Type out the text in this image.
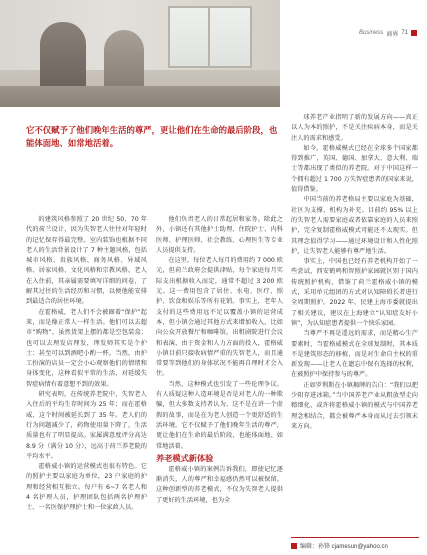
Business 商界 71
它不仅赋予了他们晚年生活的尊严，更让他们在生命的最后阶段，也能体面地、如常地活着。

的建筑风格参照了 20 世纪 50、70 年代的荷兰设计，因为失智老人往往对年轻时的记忆保存得最完整。室内装饰也根据不同老人的生活背景设计了 7 种主题风格，包括城市风格、贵族风格、商务风格、异域风格、居家风格、文化风格和宗教风格。老人在入住前，其亲属需要填写详细的问卷，了解其过往的生活经历和习惯，以便他能安排到最适合的居住环境。

在霍格威，老人们不会被圈着“保护”起来，而是像正常人一样生活。他们可以去超市“购物”，虽然货架上摆的都是空包装盒；也可以去理发店理发，理发师其实是个护士；甚至可以到酒吧小酌一杯。当然，由护工扮演的店员一定会小心观察他们的情绪和身体变化，这种看似平常的生活，对延缓失智症病情有着意想不到的效果。

研究表明，在传统养老院中，失智老人入住后的平均生存时间为 25 年；而在霍格威，这个时间被延长到了 35 年。老人们的行为问题减少了，药物使用量下降了，生活质量也有了明显提高。家属满意度评分高达 8.9 分（满分 10 分），远高于荷兰养老院的平均水平。

霍格威小镇的运营模式也很有特色。它的照护主要以家庭为单位，23 户家庭的护理和经营相互独立。每户有 6~7 名老人和 4 名护理人员，护理团队包括两名护理护士、一名医保护理护士和一位家政人员。

他们负责老人的日常起居和家务。除此之外，小镇还有其他护士助理、住院护士、内科医师、护理医师、社会教练、心理医生等专业人员提供支持。

在这里，每位老人每月的费用约 7 000 欧元，但荷兰政府会提供津贴，每个家庭每月实际支出根据收入而定，通常不超过 3 200 欧元。这一费用包含了居住、水电、医疗、照护、饮食和娱乐等所有花销。事实上，老年人支付的这些费用远不足以覆盖小镇的运营成本，但小镇会通过其他方式来增加收入，比如向公众开放餐厅和咖啡馆，出租剧院进行会议和表演，由于资金和人力方面的投入，霍格威小镇目前只接收病情严重的失智老人，而且通常要等到他们的身体状况不能再自理时才会入住。

当然，这种模式也引发了一些伦理争议。有人质疑这种人造环境是否是对老人的一种欺骗，但大多数支持者认为，这不是在讲一个虚假的故事，而是在为老人创造一个更舒适的生活环境。它不仅赋予了他们晚年生活的尊严，更让他们在生命的最后阶段，也能体面地、如常地活着。

养老模式新体验

霍格威小镇的案例告诉我们，即使记忆逐渐消失，人的尊严和幸福感仍然可以被保留。这种创新型的养老模式，不仅为失智老人提供了更好的生活环境，也为全

球养老产业指明了新的发展方向——真正以人为本的照护，不是关注疾病本身，而是关注人的需求和感受。

如今，霍格威模式已经在全球多个国家都得到推广，英国、德国、加拿大、意大利、瑞士等都出现了类似的养老院。对于中国这样一个拥有超过 1 700 万失智症患者的国家来说，值得借鉴。

中国当前的养老格局主要以家庭为基础，社区为支撑，机构为补充。目前约 95% 以上的失智老人需要家庭或者依靠家庭的人员来照护，完全复制霍格威模式可能还不太现实。但其理念值得学习——通过环境设计和人性化照护，让失智老人能够有尊严地生活。

事实上，中国也已经有养老机构开始了一些尝试，西安鹤鸣和智照护家园就区别于国内传统照护机构，借鉴了荷兰霍格威小镇的模式，采用单元组团的方式对认知障碍长者进行全周期照护。2022 年，民建上海市委就提出了相关建议，建议在上海建立“认知症友好小镇”，为认知症患者提供一个快乐家园。

当尊严不再是遥远的需求，而是精心生产要素时，当霍格威模式在全球复制时，其本质不是建筑形态的移植，而是对生命自主权的重新发现——让老人在遗忘中保有选择的权利，在被照护中保持参与的尊严。

正如罗利斯在小镇揭牌的告白：“我们以把少阳存进冰箱。”当中国养老产业从粗放型走向精细化，或许将霍格威小镇的模式与中国养老理念相结合，都会被尊严本身而从过去引领未来方向。

编辑：孙锋 cjamesun@yahoo.cn
